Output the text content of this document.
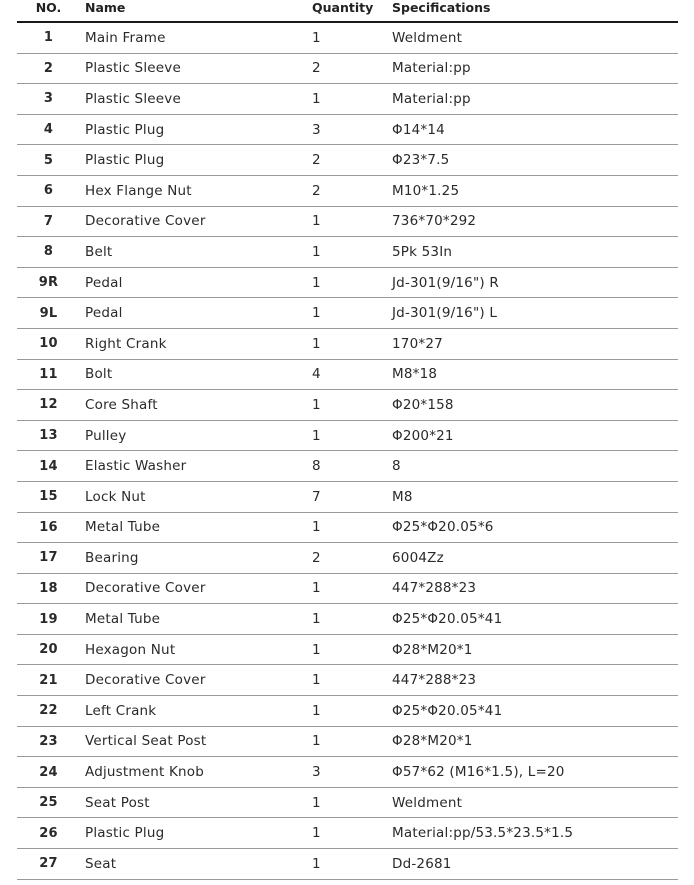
NO.	Name	Quantity	Specifications
1	Main Frame	1	Weldment
2	Plastic Sleeve	2	Material:pp
3	Plastic Sleeve	1	Material:pp
4	Plastic Plug	3	Φ14*14
5	Plastic Plug	2	Φ23*7.5
6	Hex Flange Nut	2	M10*1.25
7	Decorative Cover	1	736*70*292
8	Belt	1	5Pk 53In
9R	Pedal	1	Jd-301(9/16") R
9L	Pedal	1	Jd-301(9/16") L
10	Right Crank	1	170*27
11	Bolt	4	M8*18
12	Core Shaft	1	Φ20*158
13	Pulley	1	Φ200*21
14	Elastic Washer	8	8
15	Lock Nut	7	M8
16	Metal Tube	1	Φ25*Φ20.05*6
17	Bearing	2	6004Zz
18	Decorative Cover	1	447*288*23
19	Metal Tube	1	Φ25*Φ20.05*41
20	Hexagon Nut	1	Φ28*M20*1
21	Decorative Cover	1	447*288*23
22	Left Crank	1	Φ25*Φ20.05*41
23	Vertical Seat Post	1	Φ28*M20*1
24	Adjustment Knob	3	Φ57*62 (M16*1.5), L=20
25	Seat Post	1	Weldment
26	Plastic Plug	1	Material:pp/53.5*23.5*1.5
27	Seat	1	Dd-2681
